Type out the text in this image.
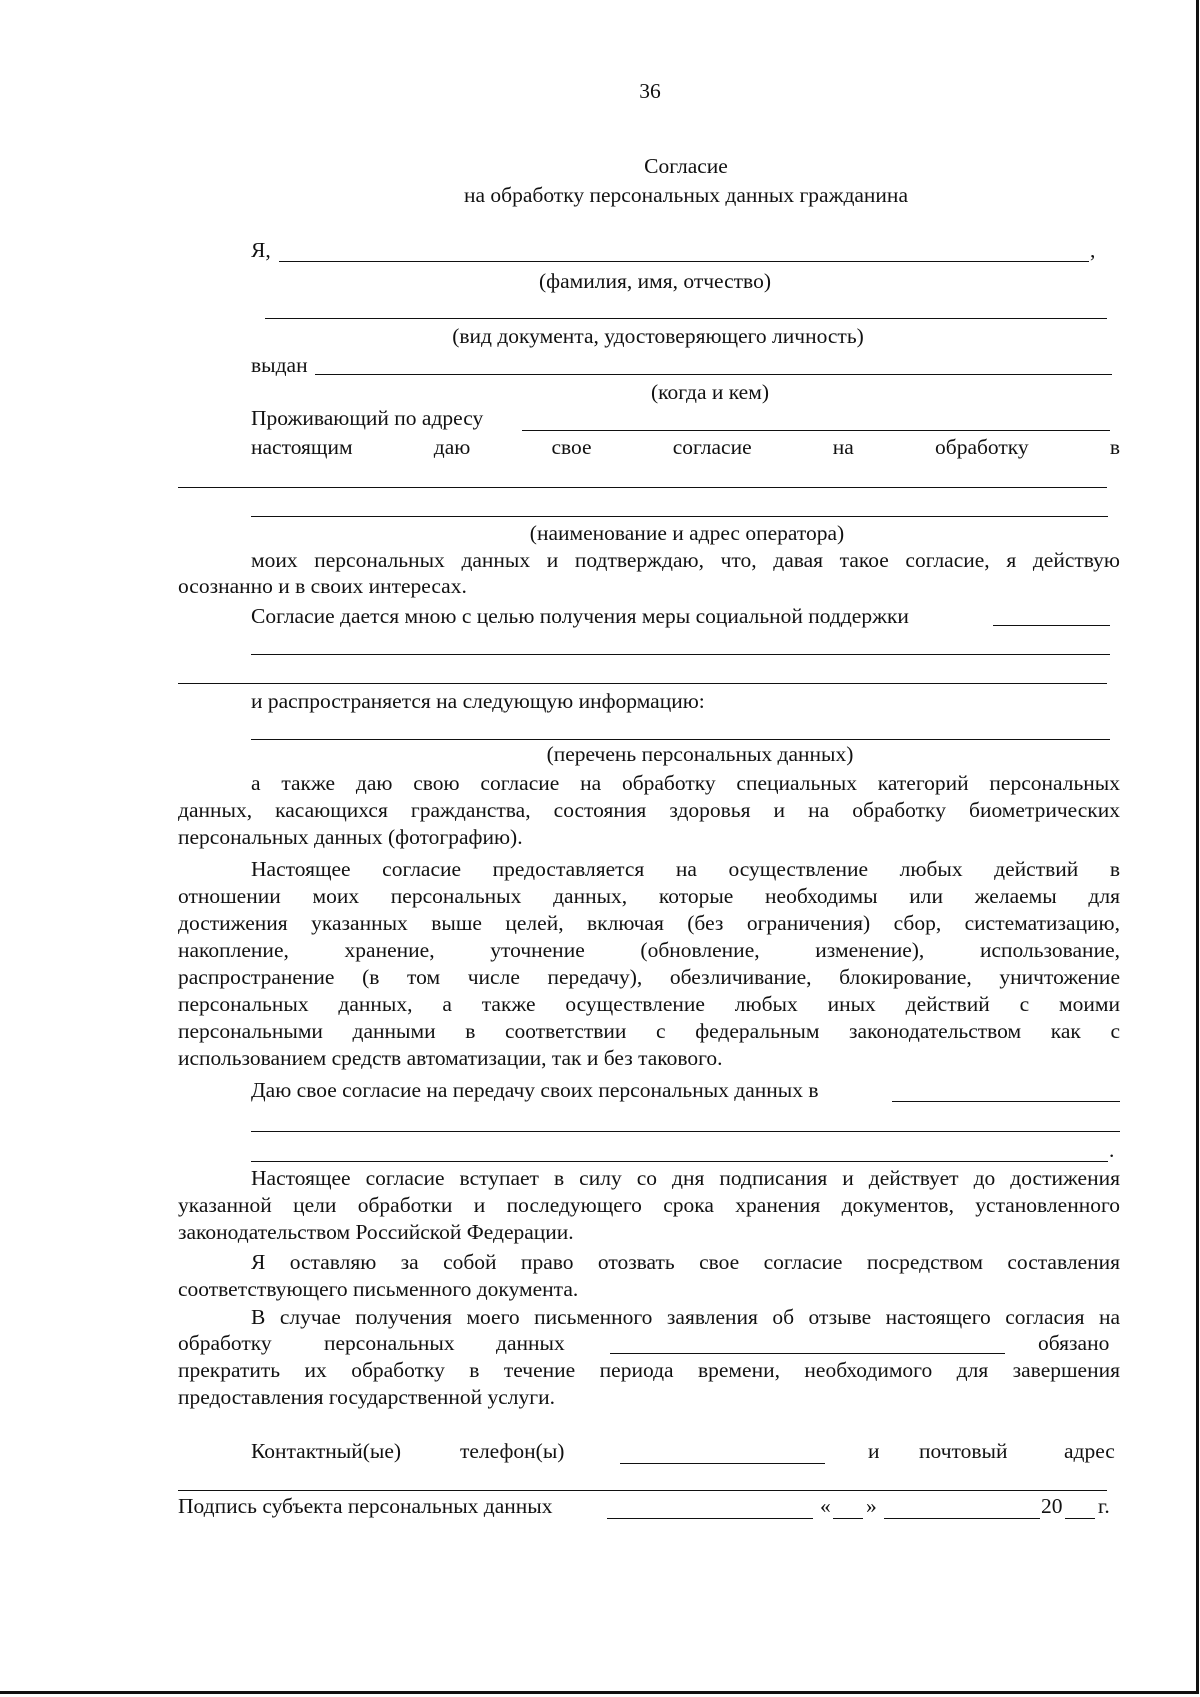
36
Согласие
на обработку персональных данных гражданина
Я,	,
(фамилия, имя, отчество)
(вид документа, удостоверяющего личность)
выдан
(когда и кем)
Проживающий по адресу
настоящим	даю	свое	согласие	на	обработку	в
(наименование и адрес оператора)
моих персональных данных и подтверждаю, что, давая такое согласие, я действую
осознанно и в своих интересах.
Согласие дается мною с целью получения меры социальной поддержки
и распространяется на следующую информацию:
(перечень персональных данных)
а также даю свою согласие на обработку специальных категорий персональных
данных, касающихся гражданства, состояния здоровья и на обработку биометрических
персональных данных (фотографию).
Настоящее согласие предоставляется на осуществление любых действий в
отношении моих персональных данных, которые необходимы или желаемы для
достижения указанных выше целей, включая (без ограничения) сбор, систематизацию,
накопление, хранение, уточнение (обновление, изменение), использование,
распространение (в том числе передачу), обезличивание, блокирование, уничтожение
персональных данных, а также осуществление любых иных действий с моими
персональными данными в соответствии с федеральным законодательством как с
использованием средств автоматизации, так и без такового.
Даю свое согласие на передачу своих персональных данных в
.
Настоящее согласие вступает в силу со дня подписания и действует до достижения
указанной цели обработки и последующего срока хранения документов, установленного
законодательством Российской Федерации.
Я оставляю за собой право отозвать свое согласие посредством составления
соответствующего письменного документа.
В случае получения моего письменного заявления об отзыве настоящего согласия на
обработку персональных данных	обязано
прекратить их обработку в течение периода времени, необходимого для завершения
предоставления государственной услуги.
Контактный(ые)	телефон(ы)	и почтовый	адрес
Подпись субъекта персональных данных	« »	20 г.
